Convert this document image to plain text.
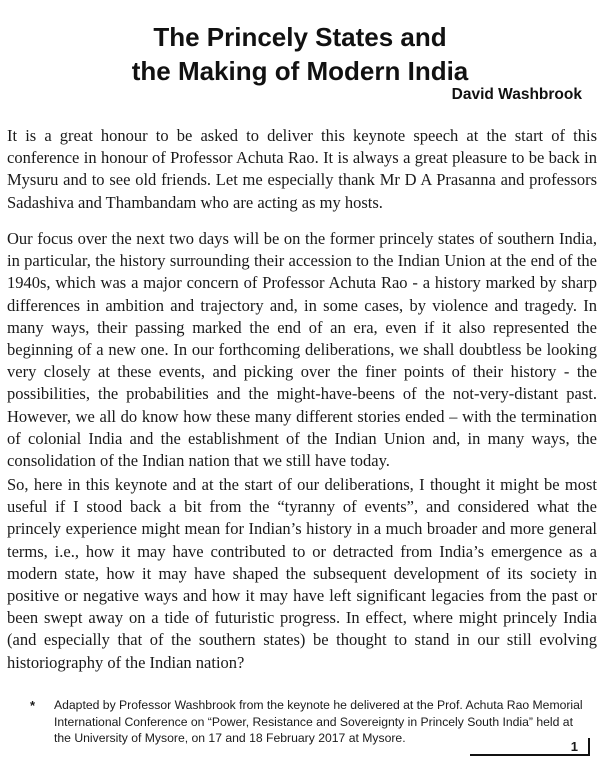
The Princely States and
the Making of Modern India
David Washbrook

It is a great honour to be asked to deliver this keynote speech at the start of this conference in honour of Professor Achuta Rao. It is always a great pleasure to be back in Mysuru and to see old friends. Let me especially thank Mr D A Prasanna and professors Sadashiva and Thambandam who are acting as my hosts.

Our focus over the next two days will be on the former princely states of southern India, in particular, the history surrounding their accession to the Indian Union at the end of the 1940s, which was a major concern of Professor Achuta Rao - a history marked by sharp differences in ambition and trajectory and, in some cases, by violence and tragedy. In many ways, their passing marked the end of an era, even if it also represented the beginning of a new one. In our forthcoming deliberations, we shall doubtless be looking very closely at these events, and picking over the finer points of their history - the possibilities, the probabilities and the might-have-beens of the not-very-distant past. However, we all do know how these many different stories ended – with the termination of colonial India and the establishment of the Indian Union and, in many ways, the consolidation of the Indian nation that we still have today.

So, here in this keynote and at the start of our deliberations, I thought it might be most useful if I stood back a bit from the “tyranny of events”, and considered what the princely experience might mean for Indian’s history in a much broader and more general terms, i.e., how it may have contributed to or detracted from India’s emergence as a modern state, how it may have shaped the subsequent development of its society in positive or negative ways and how it may have left significant legacies from the past or been swept away on a tide of futuristic progress. In effect, where might princely India (and especially that of the southern states) be thought to stand in our still evolving historiography of the Indian nation?

* Adapted by Professor Washbrook from the keynote he delivered at the Prof. Achuta Rao Memorial International Conference on “Power, Resistance and Sovereignty in Princely South India” held at the University of Mysore, on 17 and 18 February 2017 at Mysore.

1
